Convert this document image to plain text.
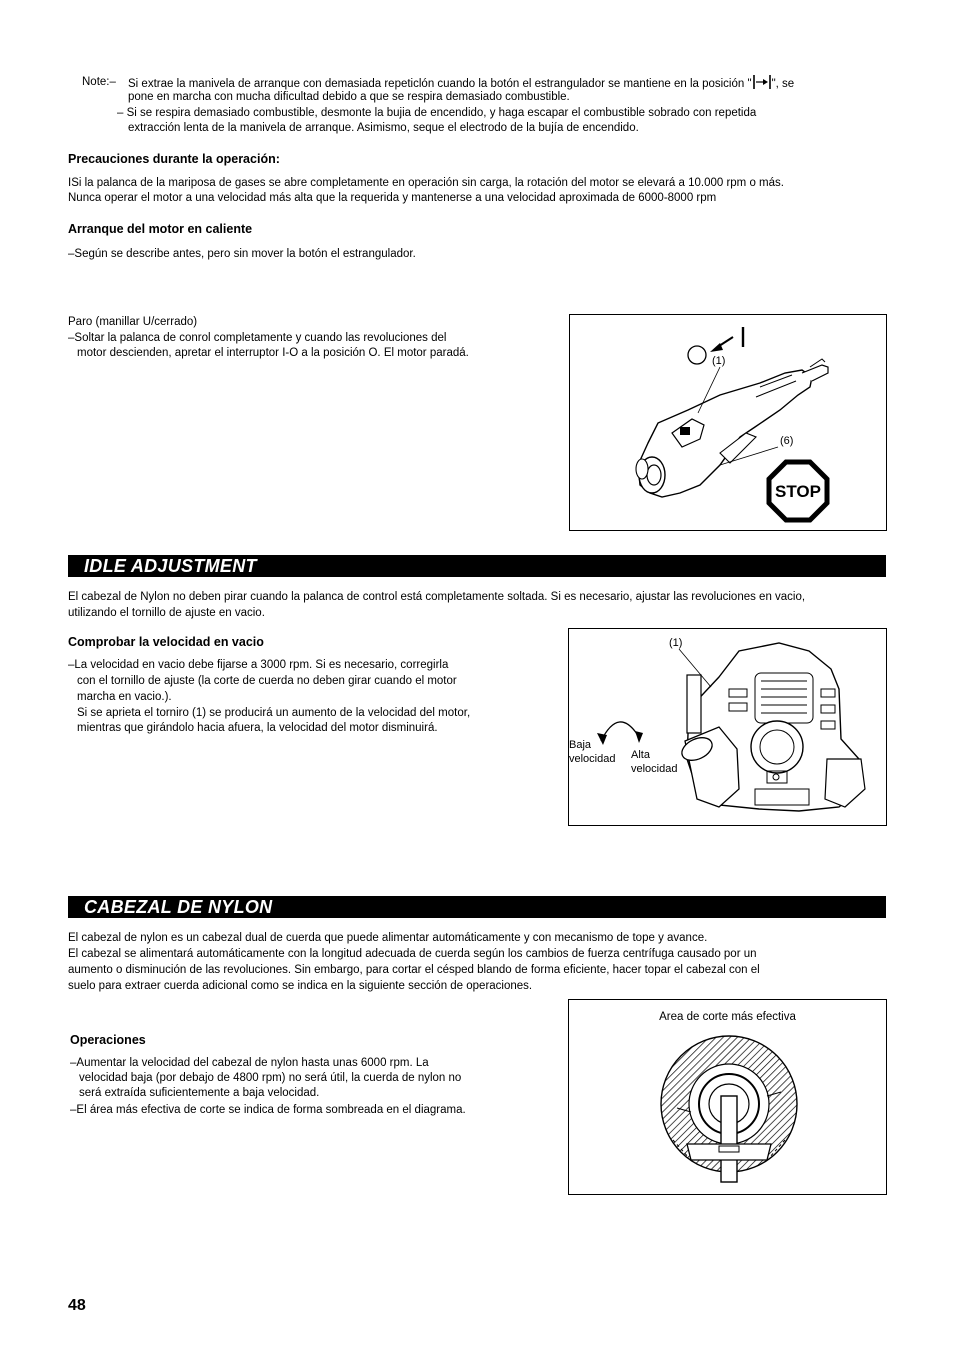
Note:– Si extrae la manivela de arranque con demasiada repeticlón cuando la botón el estrangulador se mantiene en la posición " ", se
pone en marcha con mucha dificultad debido a que se respira demasiado combustible.
– Si se respira demasiado combustible, desmonte la bujia de encendido, y haga escapar el combustible sobrado con repetida
extracción lenta de la manivela de arranque. Asimismo, seque el electrodo de la bujía de encendido.
Precauciones durante la operación:
ISi la palanca de la mariposa de gases se abre completamente en operación sin carga, la rotación del motor se elevará a 10.000 rpm o más.
Nunca operar el motor a una velocidad más alta que la requerida y mantenerse a una velocidad aproximada de 6000-8000 rpm
Arranque del motor en caliente
–Según se describe antes, pero sin mover la botón el estrangulador.
Paro (manillar U/cerrado)
–Soltar la palanca de conrol completamente y cuando las revoluciones del
motor descienden, apretar el interruptor I-O a la posición O. El motor paradá.
(1)
(6)
STOP
IDLE ADJUSTMENT
El cabezal de Nylon no deben pirar cuando la palanca de control está completamente soltada. Si es necesario, ajustar las revoluciones en vacio,
utilizando el tornillo de ajuste en vacio.
Comprobar la velocidad en vacio
–La velocidad en vacio debe fijarse a 3000 rpm. Si es necesario, corregirla
con el tornillo de ajuste (la corte de cuerda no deben girar cuando el motor
marcha en vacio.).
Si se aprieta el torniro (1) se producirá un aumento de la velocidad del motor,
mientras que girándolo hacia afuera, la velocidad del motor disminuirá.
(1)
Baja
velocidad Alta
velocidad
CABEZAL DE NYLON
El cabezal de nylon es un cabezal dual de cuerda que puede alimentar automáticamente y con mecanismo de tope y avance.
El cabezal se alimentará automáticamente con la longitud adecuada de cuerda según los cambios de fuerza centrífuga causado por un
aumento o disminución de las revoluciones. Sin embargo, para cortar el césped blando de forma eficiente, hacer topar el cabezal con el
suelo para extraer cuerda adicional como se indica en la siguiente sección de operaciones.
Operaciones
–Aumentar la velocidad del cabezal de nylon hasta unas 6000 rpm. La
velocidad baja (por debajo de 4800 rpm) no será útil, la cuerda de nylon no
será extraída suficientemente a baja velocidad.
–El área más efectiva de corte se indica de forma sombreada en el diagrama.
Area de corte más efectiva
48
